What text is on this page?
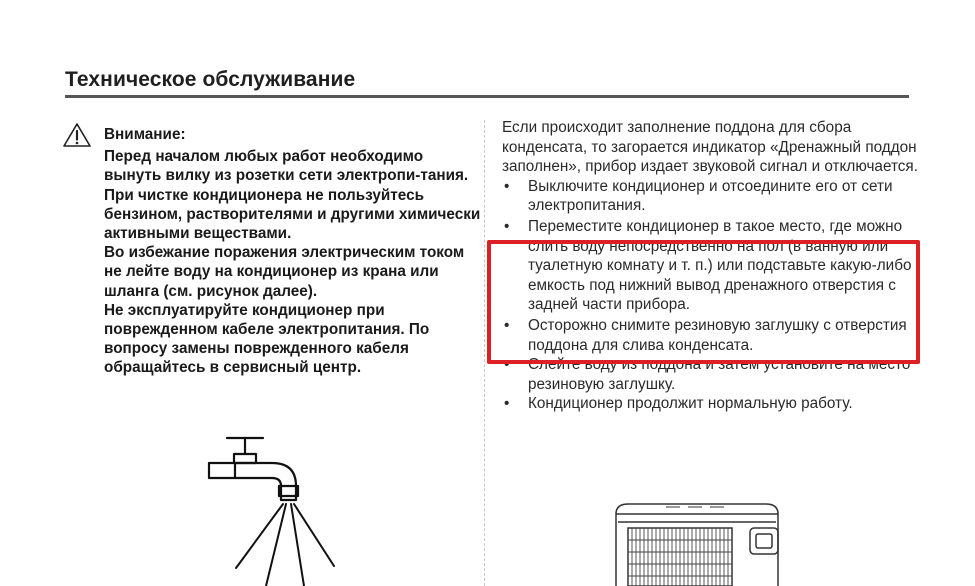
Техническое обслуживание

Внимание:

Перед началом любых работ необходимо вынуть вилку из розетки сети электропи-тания.

При чистке кондиционера не пользуйтесь бензином, растворителями и другими химически активными веществами.

Во избежание поражения электрическим током не лейте воду на кондиционер из крана или шланга (см. рисунок далее).

Не эксплуатируйте кондиционер при поврежденном кабеле электропитания. По вопросу замены поврежденного кабеля обращайтесь в сервисный центр.

Если происходит заполнение поддона для сбора конденсата, то загорается индикатор «Дренажный поддон заполнен», прибор издает звуковой сигнал и отключается.

• Выключите кондиционер и отсоедините его от сети электропитания.
• Переместите кондиционер в такое место, где можно слить воду непосредственно на пол (в ванную или туалетную комнату и т. п.) или подставьте какую-либо емкость под нижний вывод дренажного отверстия с задней части прибора.
• Осторожно снимите резиновую заглушку с отверстия поддона для слива конденсата.
• Слейте воду из поддона и затем установите на место резиновую заглушку.
• Кондиционер продолжит нормальную работу.
